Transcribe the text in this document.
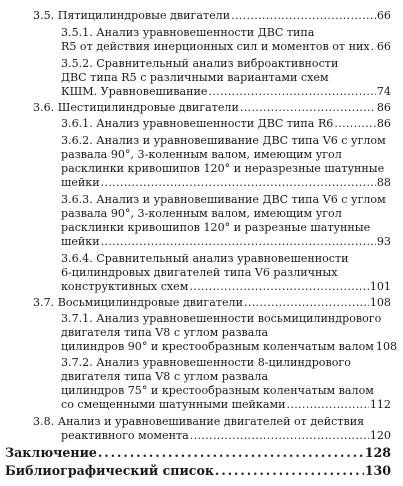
3.5. Пятицилиндровые двигатели . . .	66
3.5.1. Анализ уравновешенности ДВС типа
R5 от действия инерционных сил и моментов от них . . . 66
3.5.2. Сравнительный анализ виброактивности
ДВС типа R5 с различными вариантами схем
КШМ. Уравновешивание . . .	74
3.6. Шестицилиндровые двигатели . . .	86
3.6.1. Анализ уравновешенности ДВС типа R6 . . .	86
3.6.2. Анализ и уравновешивание ДВС типа V6 с углом
развала 90°, 3-коленным валом, имеющим угол
расклинки кривошипов 120° и неразрезные шатунные
шейки . . .	88
3.6.3. Анализ и уравновешивание ДВС типа V6 с углом
развала 90°, 3-коленным валом, имеющим угол
расклинки кривошипов 120° и разрезные шатунные
шейки . . .	93
3.6.4. Сравнительный анализ уравновешенности
6-цилиндровых двигателей типа V6 различных
конструктивных схем . . .	101
3.7. Восьмицилиндровые двигатели . . .	108
3.7.1. Анализ уравновешенности восьмицилиндрового
двигателя типа V8 с углом развала
цилиндров 90° и крестообразным коленчатым валом 108
3.7.2. Анализ уравновешенности 8-цилиндрового
двигателя типа V8 с углом развала
цилиндров 75° и крестообразным коленчатым валом
со смещенными шатунными шейками . . .	112
3.8. Анализ и уравновешивание двигателей от действия
реактивного момента . . .	120
Заключение . . .	128
Библиографический список . . .	130
